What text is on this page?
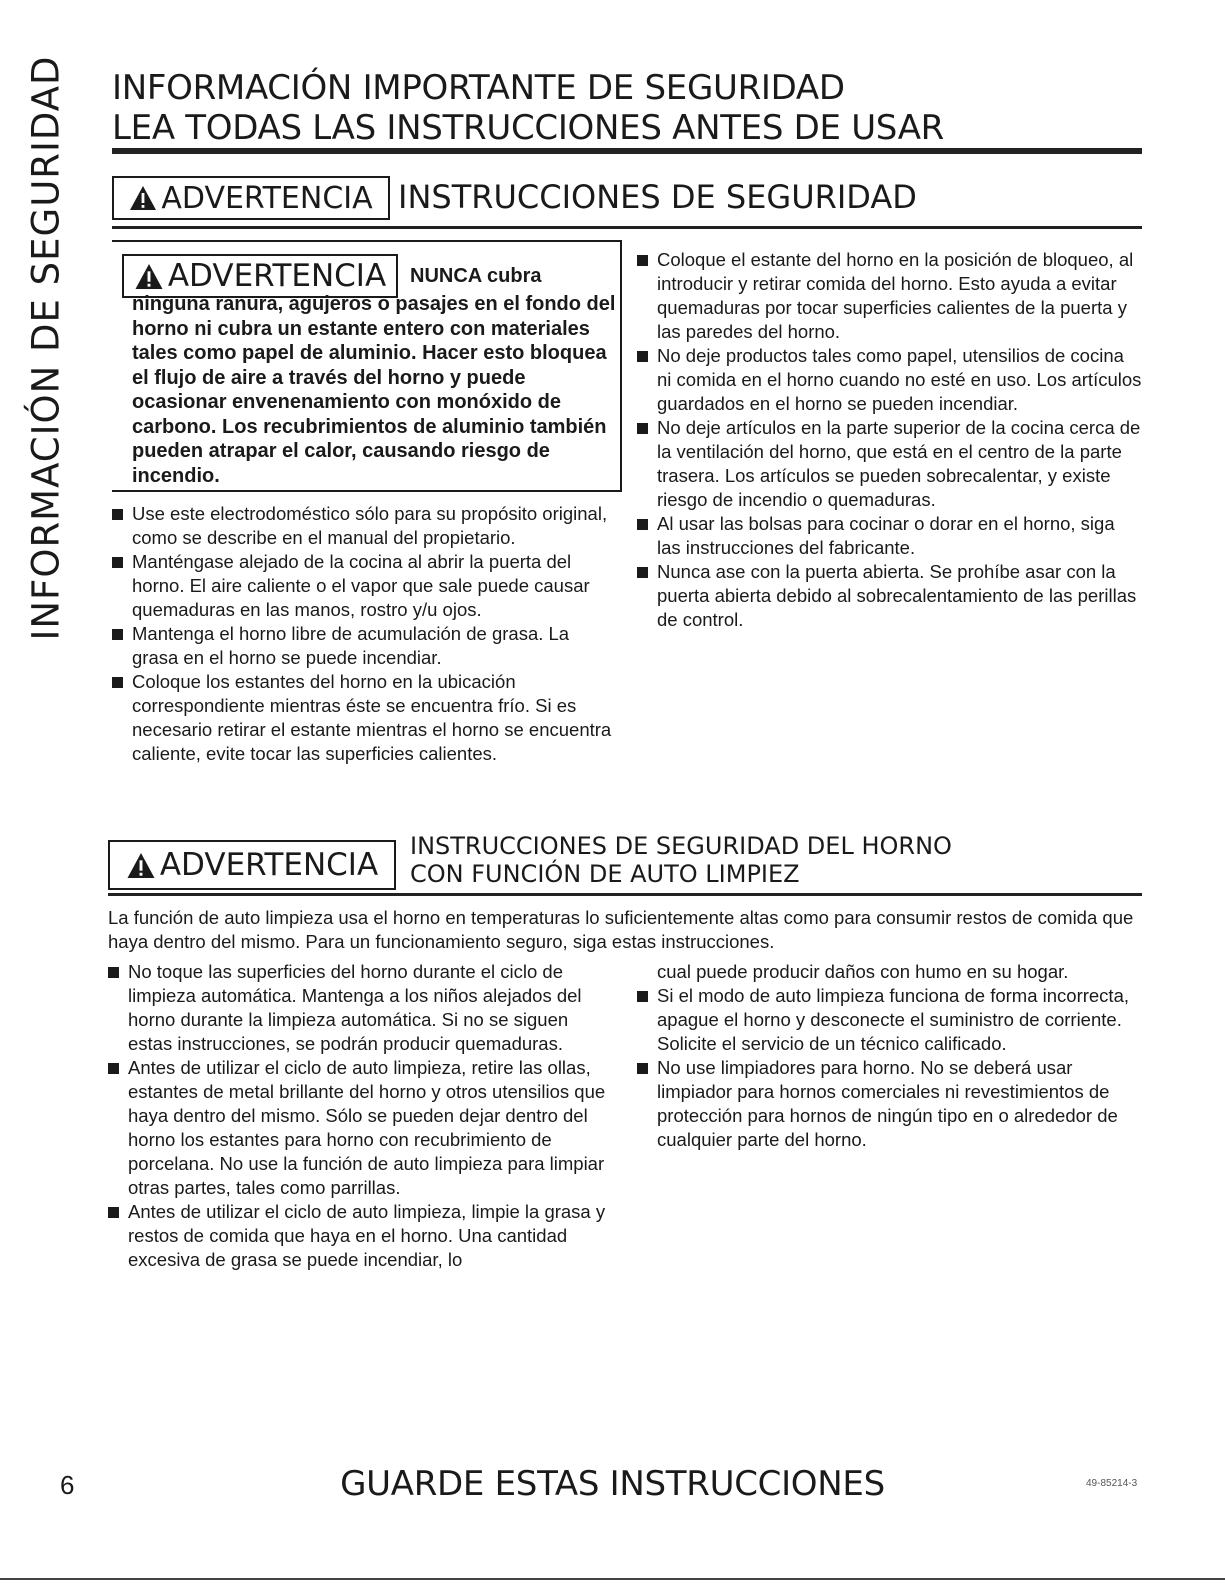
INFORMACIÓN DE SEGURIDAD INFORMACIÓN IMPORTANTE DE SEGURIDAD
LEA TODAS LAS INSTRUCCIONES ANTES DE USAR
ADVERTENCIA INSTRUCCIONES DE SEGURIDAD
ADVERTENCIA NUNCA cubra
ninguna ranura, agujeros o pasajes en el fondo del horno ni cubra un estante entero con materiales tales como papel de aluminio. Hacer esto bloquea el flujo de aire a través del horno y puede ocasionar envenenamiento con monóxido de carbono. Los recubrimientos de aluminio también pueden atrapar el calor, causando riesgo de incendio.
Use este electrodoméstico sólo para su propósito original, como se describe en el manual del propietario.
Manténgase alejado de la cocina al abrir la puerta del horno. El aire caliente o el vapor que sale puede causar quemaduras en las manos, rostro y/u ojos.
Mantenga el horno libre de acumulación de grasa. La grasa en el horno se puede incendiar.
Coloque los estantes del horno en la ubicación correspondiente mientras éste se encuentra frío. Si es necesario retirar el estante mientras el horno se encuentra caliente, evite tocar las superficies calientes.
Coloque el estante del horno en la posición de bloqueo, al introducir y retirar comida del horno. Esto ayuda a evitar quemaduras por tocar superficies calientes de la puerta y las paredes del horno.
No deje productos tales como papel, utensilios de cocina ni comida en el horno cuando no esté en uso. Los artículos guardados en el horno se pueden incendiar.
No deje artículos en la parte superior de la cocina cerca de la ventilación del horno, que está en el centro de la parte trasera. Los artículos se pueden sobrecalentar, y existe riesgo de incendio o quemaduras.
Al usar las bolsas para cocinar o dorar en el horno, siga las instrucciones del fabricante.
Nunca ase con la puerta abierta. Se prohíbe asar con la puerta abierta debido al sobrecalentamiento de las perillas de control.
ADVERTENCIA
INSTRUCCIONES DE SEGURIDAD DEL HORNO
CON FUNCIÓN DE AUTO LIMPIEZ
La función de auto limpieza usa el horno en temperaturas lo suficientemente altas como para consumir restos de comida que haya dentro del mismo. Para un funcionamiento seguro, siga estas instrucciones.
No toque las superficies del horno durante el ciclo de limpieza automática. Mantenga a los niños alejados del horno durante la limpieza automática. Si no se siguen estas instrucciones, se podrán producir quemaduras.
Antes de utilizar el ciclo de auto limpieza, retire las ollas, estantes de metal brillante del horno y otros utensilios que haya dentro del mismo. Sólo se pueden dejar dentro del horno los estantes para horno con recubrimiento de porcelana. No use la función de auto limpieza para limpiar otras partes, tales como parrillas.
Antes de utilizar el ciclo de auto limpieza, limpie la grasa y restos de comida que haya en el horno. Una cantidad excesiva de grasa se puede incendiar, lo
cual puede producir daños con humo en su hogar.
Si el modo de auto limpieza funciona de forma incorrecta, apague el horno y desconecte el suministro de corriente. Solicite el servicio de un técnico calificado.
No use limpiadores para horno. No se deberá usar limpiador para hornos comerciales ni revestimientos de protección para hornos de ningún tipo en o alrededor de cualquier parte del horno.
6	GUARDE ESTAS INSTRUCCIONES	49-85214-3
